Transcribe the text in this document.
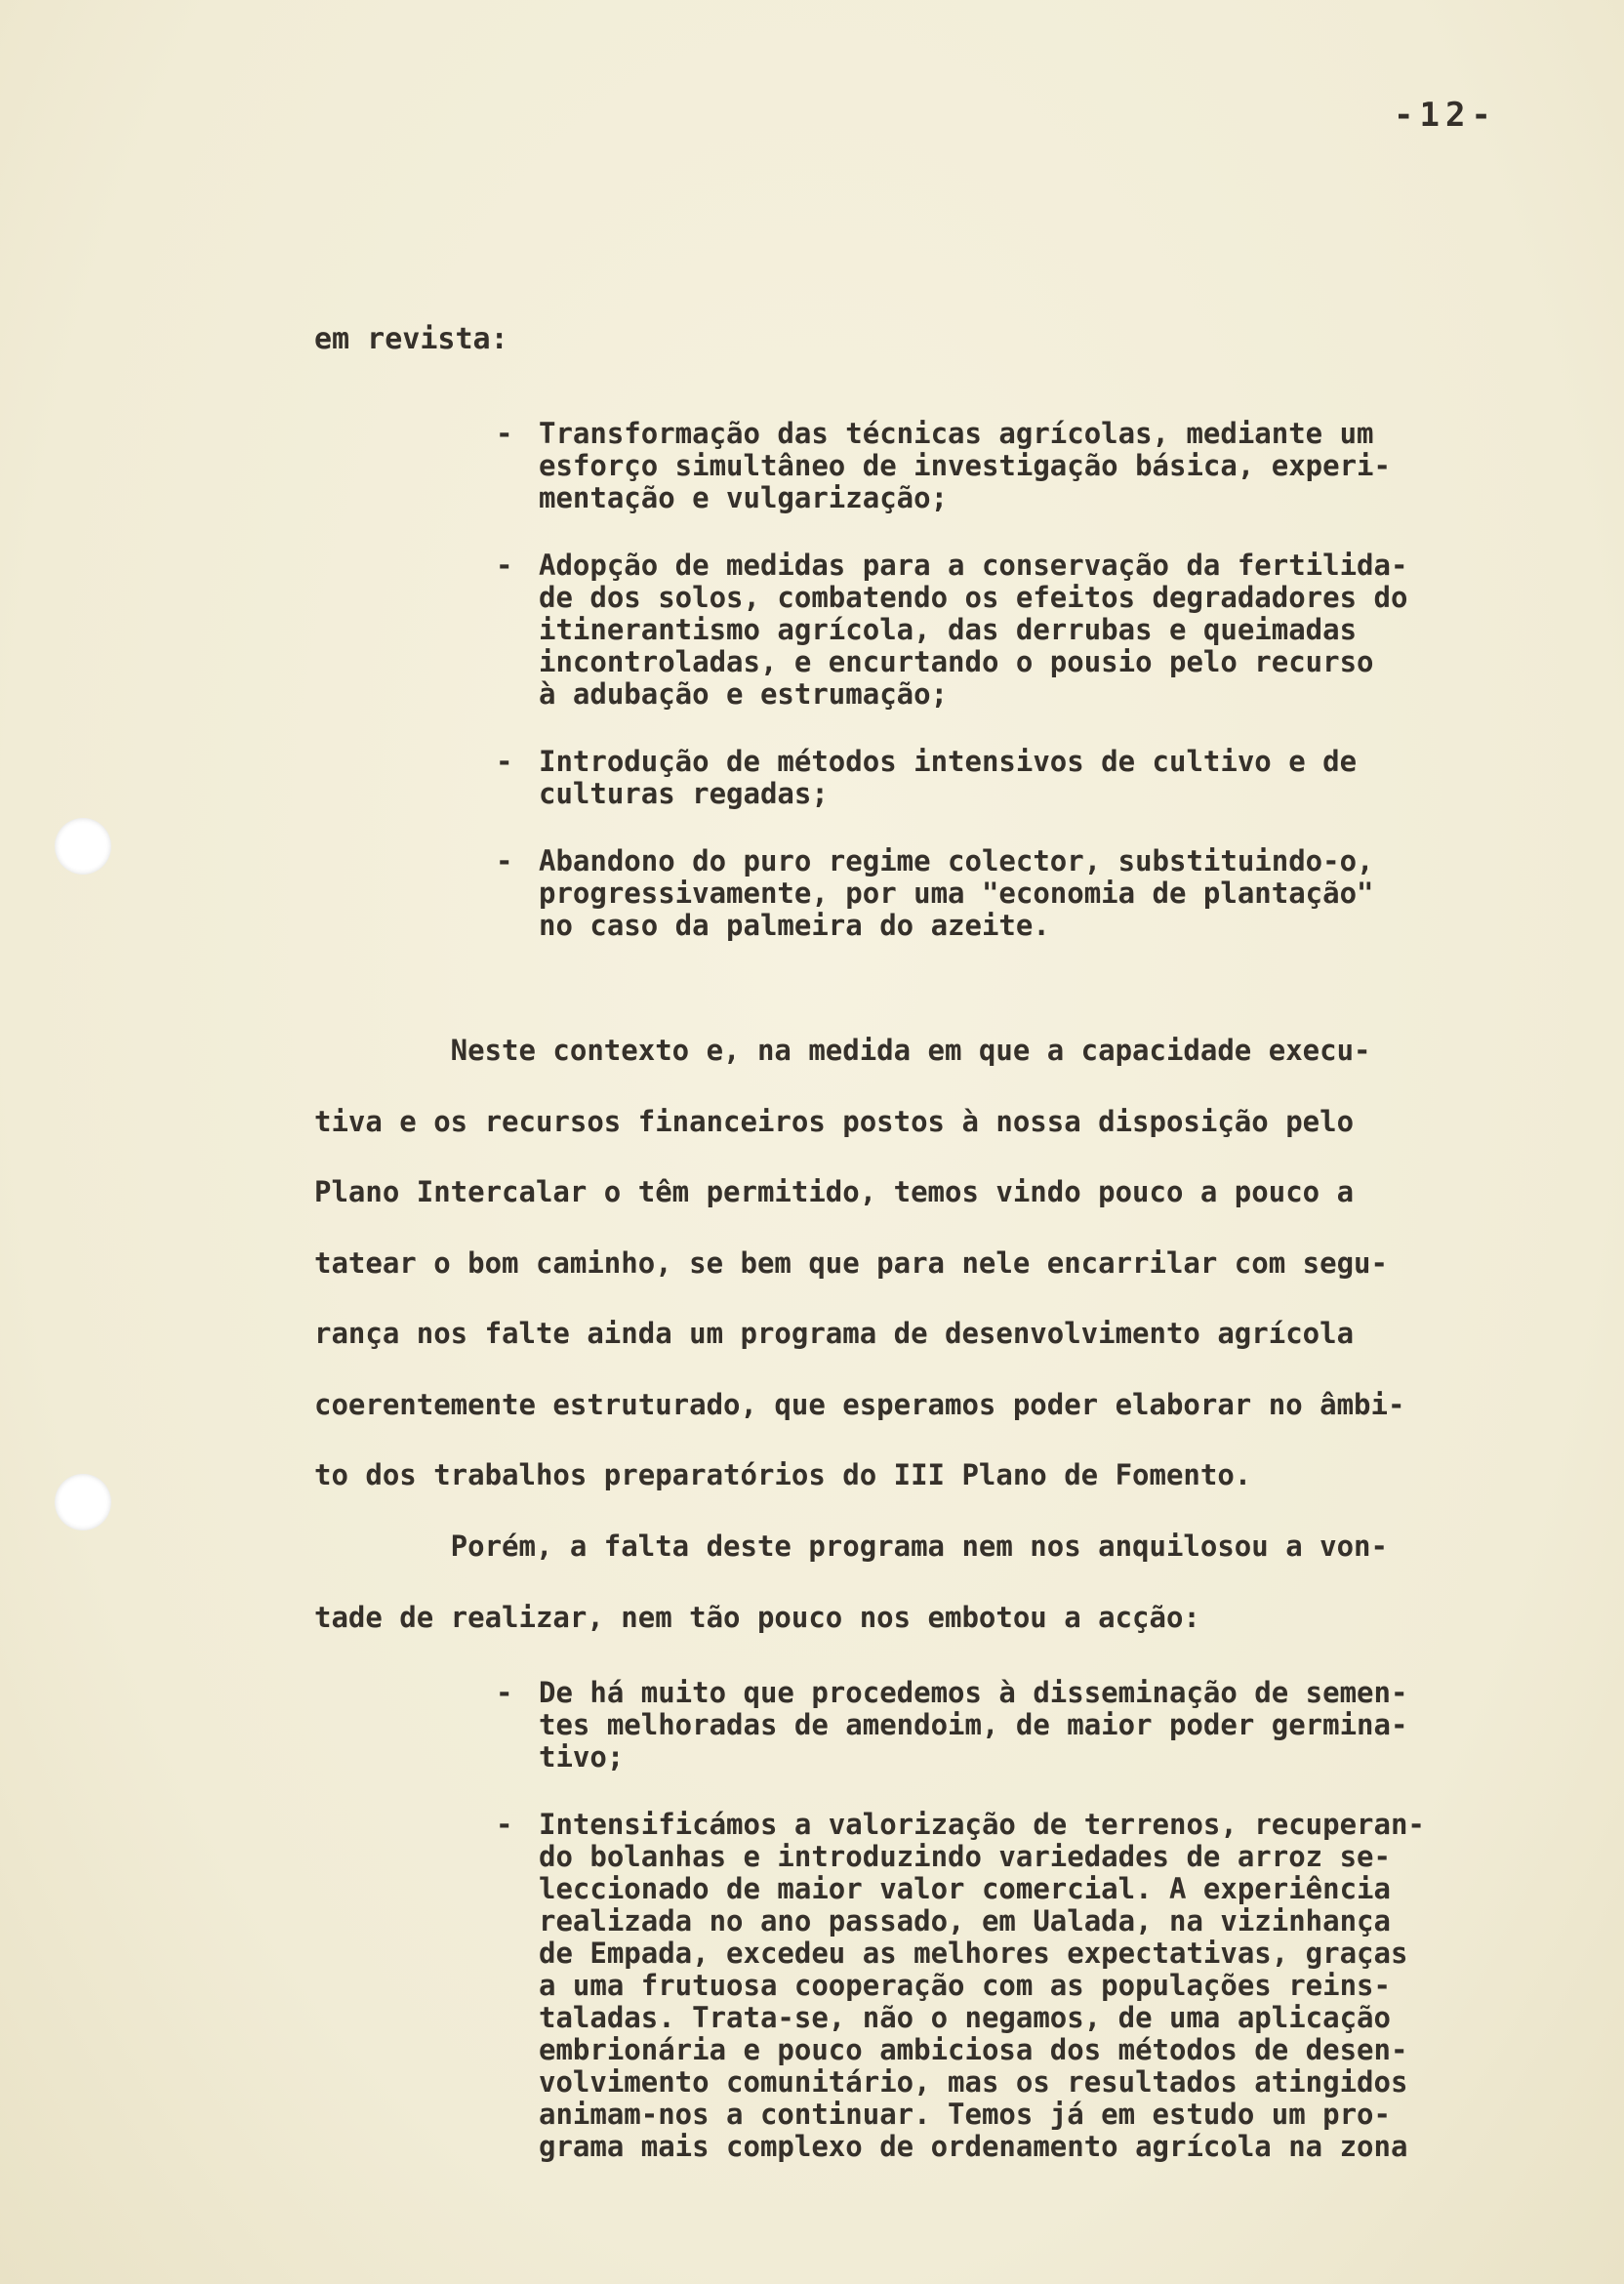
-12-
em revista:
- Transformação das técnicas agrícolas, mediante um
esforço simultâneo de investigação básica, experi-
mentação e vulgarização;
- Adopção de medidas para a conservação da fertilida-
de dos solos, combatendo os efeitos degradadores do
itinerantismo agrícola, das derrubas e queimadas
incontroladas, e encurtando o pousio pelo recurso
à adubação e estrumação;
- Introdução de métodos intensivos de cultivo e de
culturas regadas;
- Abandono do puro regime colector, substituindo-o,
progressivamente, por uma "economia de plantação"
no caso da palmeira do azeite.
Neste contexto e, na medida em que a capacidade execu-
tiva e os recursos financeiros postos à nossa disposição pelo
Plano Intercalar o têm permitido, temos vindo pouco a pouco a
tatear o bom caminho, se bem que para nele encarrilar com segu-
rança nos falte ainda um programa de desenvolvimento agrícola
coerentemente estruturado, que esperamos poder elaborar no âmbi-
to dos trabalhos preparatórios do III Plano de Fomento.
Porém, a falta deste programa nem nos anquilosou a von-
tade de realizar, nem tão pouco nos embotou a acção:
- De há muito que procedemos à disseminação de semen-
tes melhoradas de amendoim, de maior poder germina-
tivo;
- Intensificámos a valorização de terrenos, recuperan-
do bolanhas e introduzindo variedades de arroz se-
leccionado de maior valor comercial. A experiência
realizada no ano passado, em Ualada, na vizinhança
de Empada, excedeu as melhores expectativas, graças
a uma frutuosa cooperação com as populações reins-
taladas. Trata-se, não o negamos, de uma aplicação
embrionária e pouco ambiciosa dos métodos de desen-
volvimento comunitário, mas os resultados atingidos
animam-nos a continuar. Temos já em estudo um pro-
grama mais complexo de ordenamento agrícola na zona
